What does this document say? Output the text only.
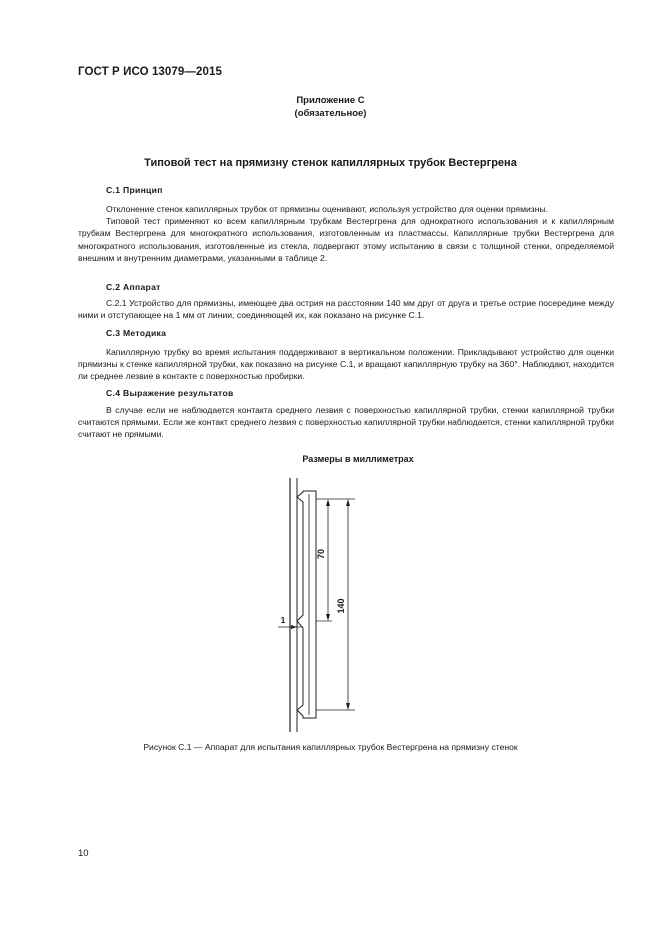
ГОСТ Р ИСО 13079—2015
Приложение С
(обязательное)
Типовой тест на прямизну стенок капиллярных трубок Вестергрена
С.1 Принцип

Отклонение стенок капиллярных трубок от прямизны оценивают, используя устройство для оценки прямизны.

Типовой тест применяют ко всем капиллярным трубкам Вестергрена для однократного использования и к капиллярным трубкам Вестергрена для многократного использования, изготовленным из пластмассы. Капиллярные трубки Вестергрена для многократного использования, изготовленные из стекла, подвергают этому испытанию в связи с толщиной стенки, определяемой внешним и внутренним диаметрами, указанными в таблице 2.

С.2 Аппарат

С.2.1 Устройство для прямизны, имеющее два острия на расстоянии 140 мм друг от друга и третье острие посередине между ними и отступающее на 1 мм от линии, соединяющей их, как показано на рисунке С.1.

С.3 Методика

Капиллярную трубку во время испытания поддерживают в вертикальном положении. Прикладывают устройство для оценки прямизны к стенке капиллярной трубки, как показано на рисунке С.1, и вращают капиллярную трубку на 360°. Наблюдают, находится ли среднее лезвие в контакте с поверхностью пробирки.

С.4 Выражение результатов

В случае если не наблюдается контакта среднего лезвия с поверхностью капиллярной трубки, стенки капиллярной трубки считаются прямыми. Если же контакт среднего лезвия с поверхностью капиллярной трубки наблюдается, стенки капиллярной трубки считают не прямыми.

Размеры в миллиметрах
70
140
1
Рисунок С.1 — Аппарат для испытания капиллярных трубок Вестергрена на прямизну стенок
10
